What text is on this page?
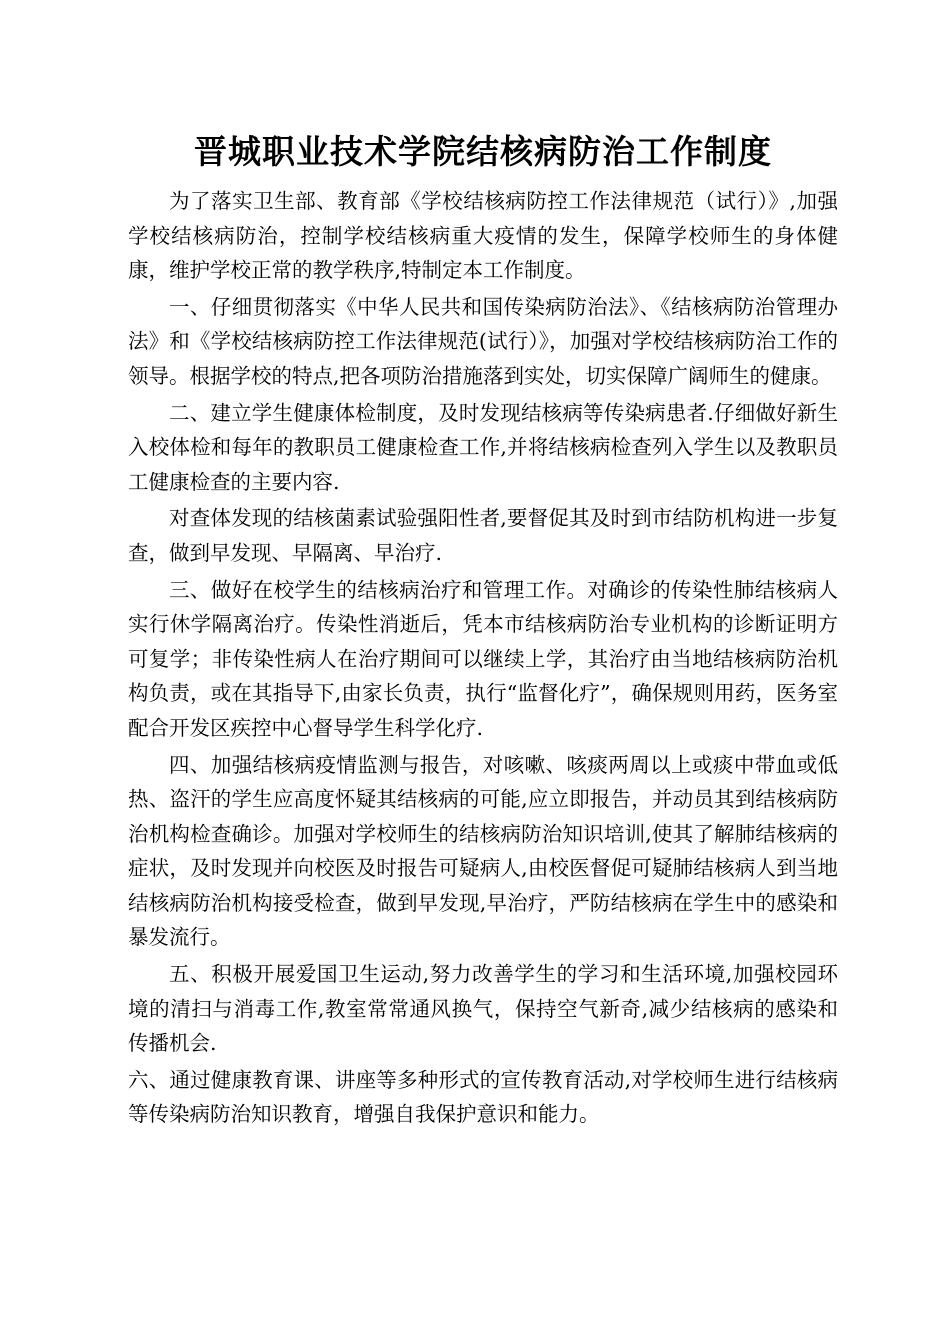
晋城职业技术学院结核病防治工作制度

为了落实卫生部、教育部《学校结核病防控工作法律规范（试行）》,加强学校结核病防治，控制学校结核病重大疫情的发生，保障学校师生的身体健康，维护学校正常的教学秩序,特制定本工作制度。

一、仔细贯彻落实《中华人民共和国传染病防治法》、《结核病防治管理办法》和《学校结核病防控工作法律规范(试行）》，加强对学校结核病防治工作的领导。根据学校的特点,把各项防治措施落到实处，切实保障广阔师生的健康。

二、建立学生健康体检制度，及时发现结核病等传染病患者.仔细做好新生入校体检和每年的教职员工健康检查工作,并将结核病检查列入学生以及教职员工健康检查的主要内容.

对查体发现的结核菌素试验强阳性者,要督促其及时到市结防机构进一步复查，做到早发现、早隔离、早治疗.

三、做好在校学生的结核病治疗和管理工作。对确诊的传染性肺结核病人实行休学隔离治疗。传染性消逝后，凭本市结核病防治专业机构的诊断证明方可复学；非传染性病人在治疗期间可以继续上学，其治疗由当地结核病防治机构负责，或在其指导下,由家长负责，执行“监督化疗”，确保规则用药，医务室配合开发区疾控中心督导学生科学化疗.

四、加强结核病疫情监测与报告，对咳嗽、咳痰两周以上或痰中带血或低热、盗汗的学生应高度怀疑其结核病的可能,应立即报告，并动员其到结核病防治机构检查确诊。加强对学校师生的结核病防治知识培训,使其了解肺结核病的症状，及时发现并向校医及时报告可疑病人,由校医督促可疑肺结核病人到当地结核病防治机构接受检查，做到早发现,早治疗，严防结核病在学生中的感染和暴发流行。

五、积极开展爱国卫生运动,努力改善学生的学习和生活环境,加强校园环境的清扫与消毒工作,教室常常通风换气，保持空气新奇,减少结核病的感染和传播机会.

六、通过健康教育课、讲座等多种形式的宣传教育活动,对学校师生进行结核病等传染病防治知识教育，增强自我保护意识和能力。
